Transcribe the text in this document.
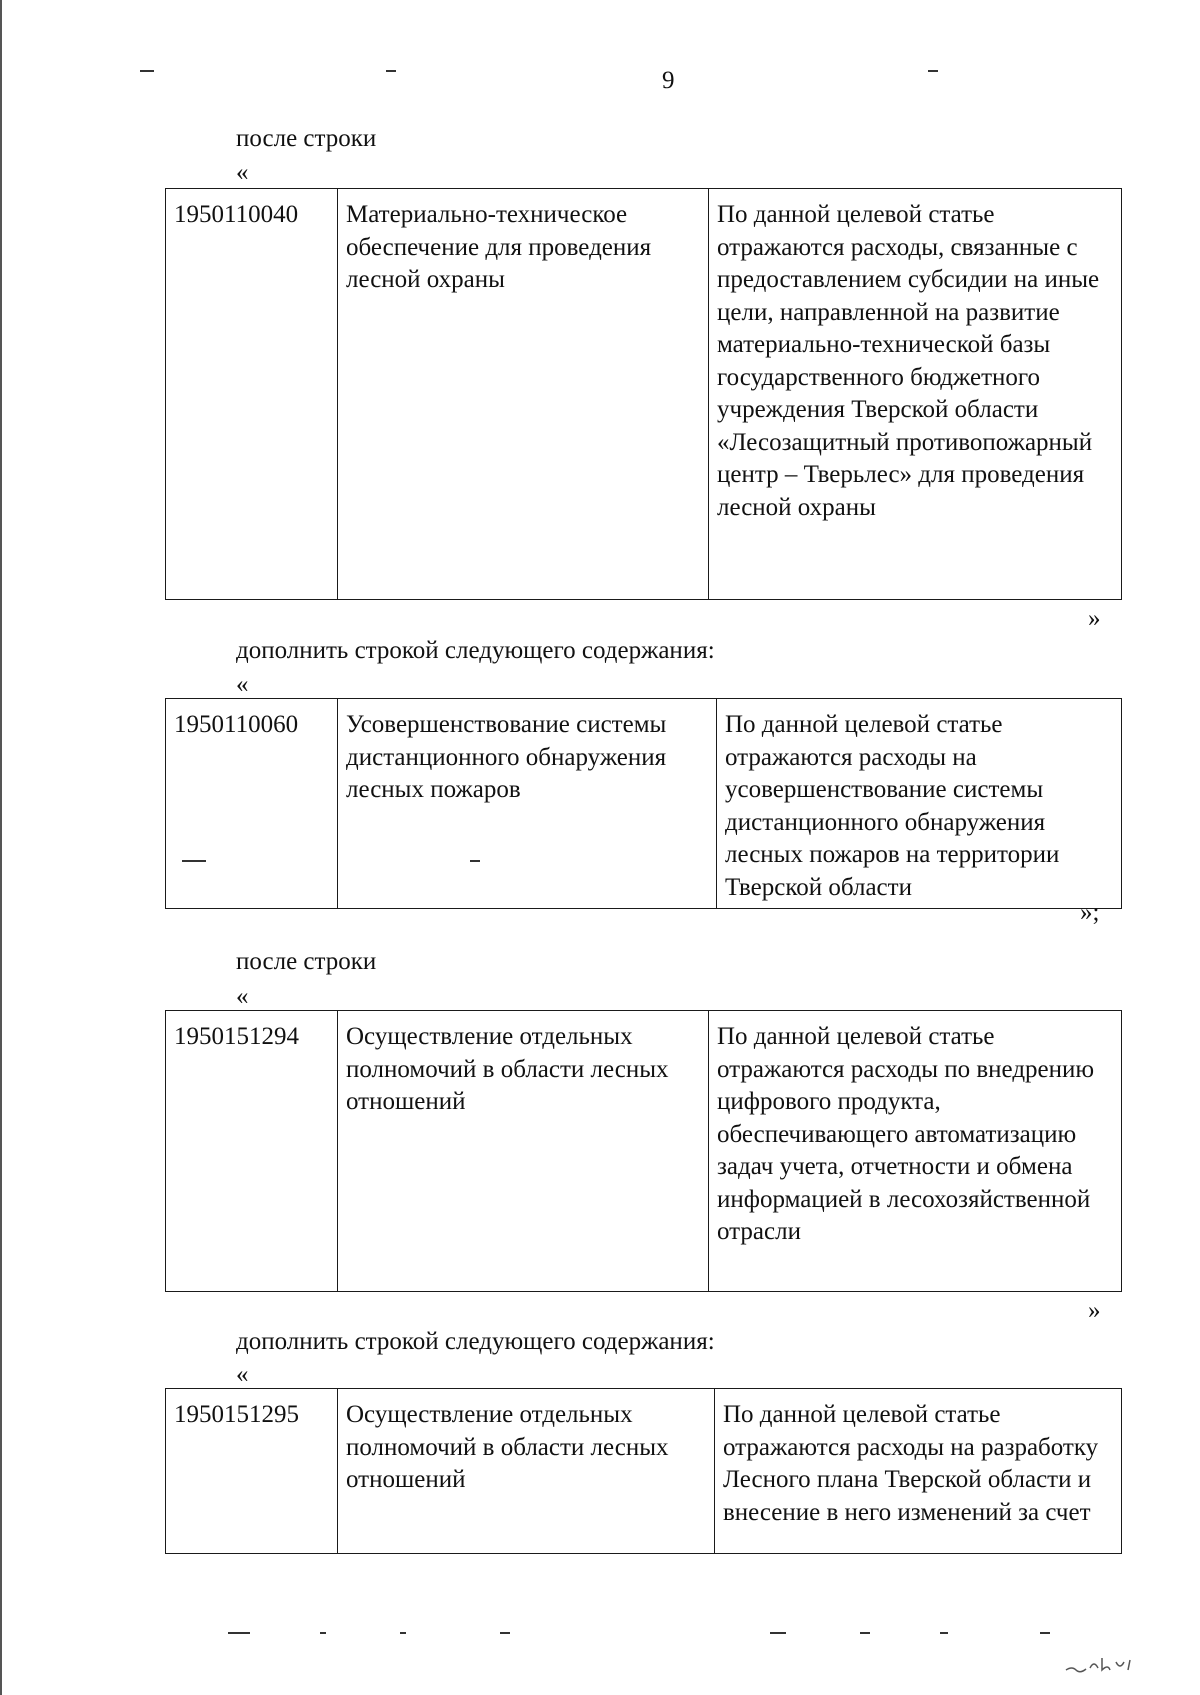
9
после строки
«
1950110040	Материально-техническое обеспечение для проведения лесной охраны	По данной целевой статье отражаются расходы, связанные с предоставлением субсидии на иные цели, направленной на развитие материально-технической базы государственного бюджетного учреждения Тверской области «Лесозащитный противопожарный центр – Тверьлес» для проведения лесной охраны
»
дополнить строкой следующего содержания:
«
1950110060	Усовершенствование системы дистанционного обнаружения лесных пожаров	По данной целевой статье отражаются расходы на усовершенствование системы дистанционного обнаружения лесных пожаров на территории Тверской области
»;
после строки
«
1950151294	Осуществление отдельных полномочий в области лесных отношений	По данной целевой статье отражаются расходы по внедрению цифрового продукта, обеспечивающего автоматизацию задач учета, отчетности и обмена информацией в лесохозяйственной отрасли
»
дополнить строкой следующего содержания:
«
1950151295	Осуществление отдельных полномочий в области лесных отношений	По данной целевой статье отражаются расходы на разработку Лесного плана Тверской области и внесение в него изменений за счет
